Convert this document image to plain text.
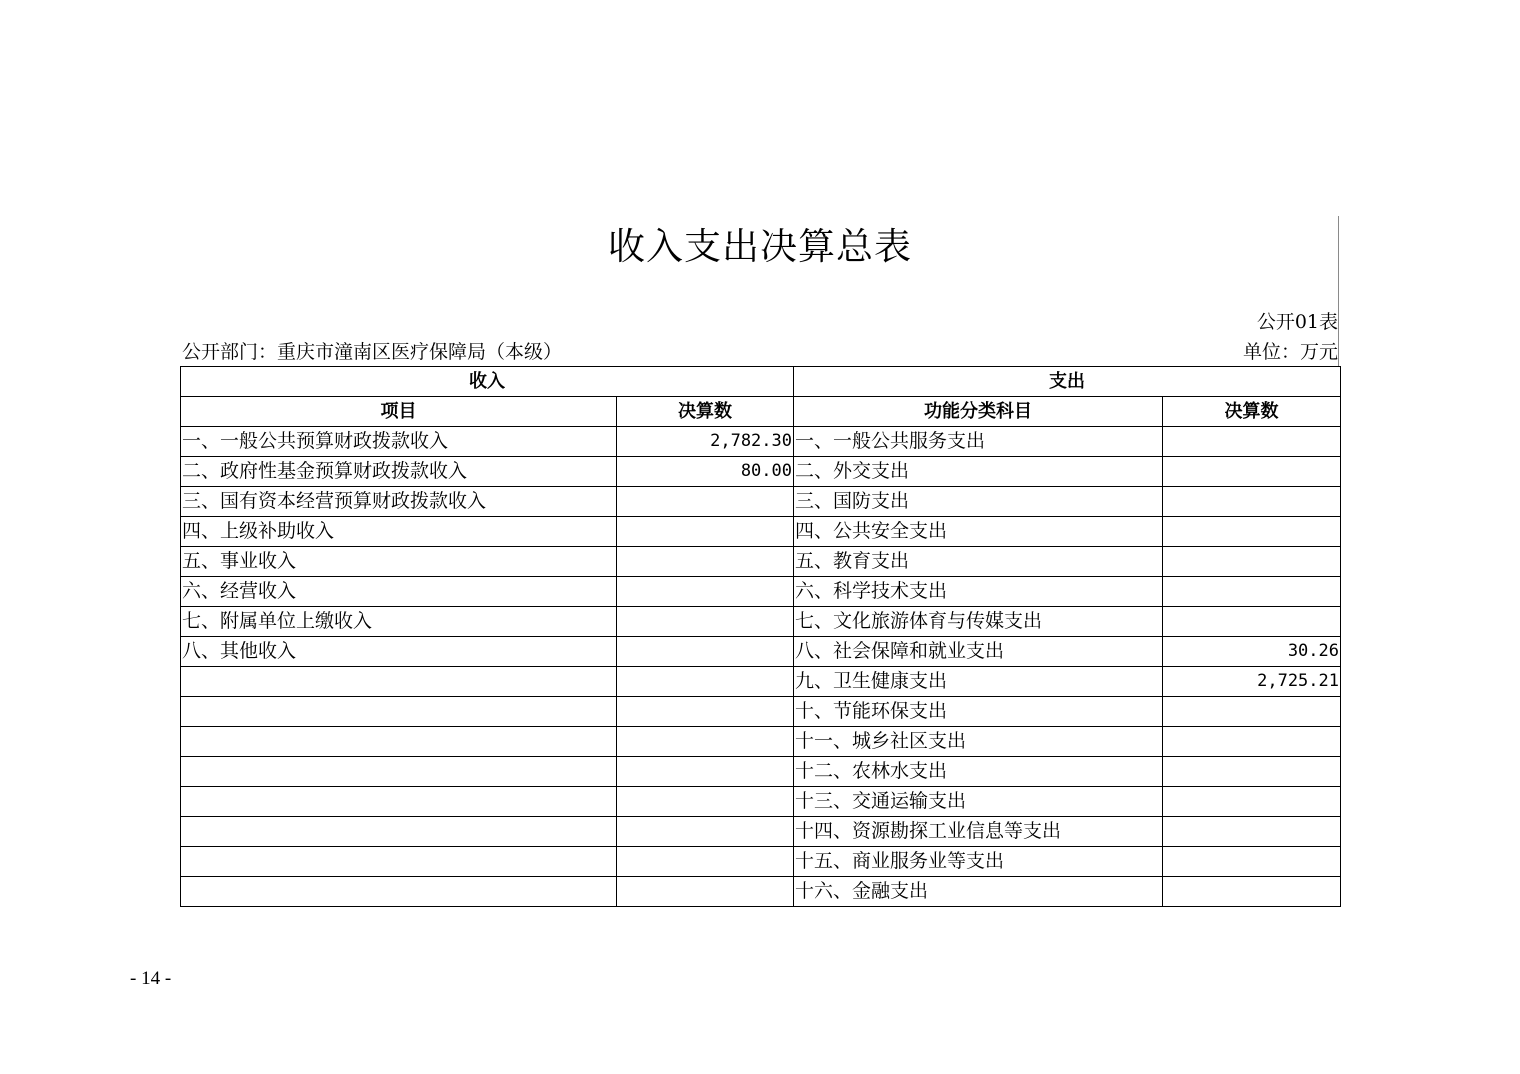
收入支出决算总表
公开01表
公开部门：重庆市潼南区医疗保障局（本级）	单位：万元
收入		支出	
项目	决算数	功能分类科目	决算数
一、一般公共预算财政拨款收入	2,782.30	一、一般公共服务支出	
二、政府性基金预算财政拨款收入	80.00	二、外交支出	
三、国有资本经营预算财政拨款收入		三、国防支出	
四、上级补助收入		四、公共安全支出	
五、事业收入		五、教育支出	
六、经营收入		六、科学技术支出	
七、附属单位上缴收入		七、文化旅游体育与传媒支出	
八、其他收入		八、社会保障和就业支出	30.26
		九、卫生健康支出	2,725.21
		十、节能环保支出	
		十一、城乡社区支出	
		十二、农林水支出	
		十三、交通运输支出	
		十四、资源勘探工业信息等支出	
		十五、商业服务业等支出	
		十六、金融支出	
- 14 -
